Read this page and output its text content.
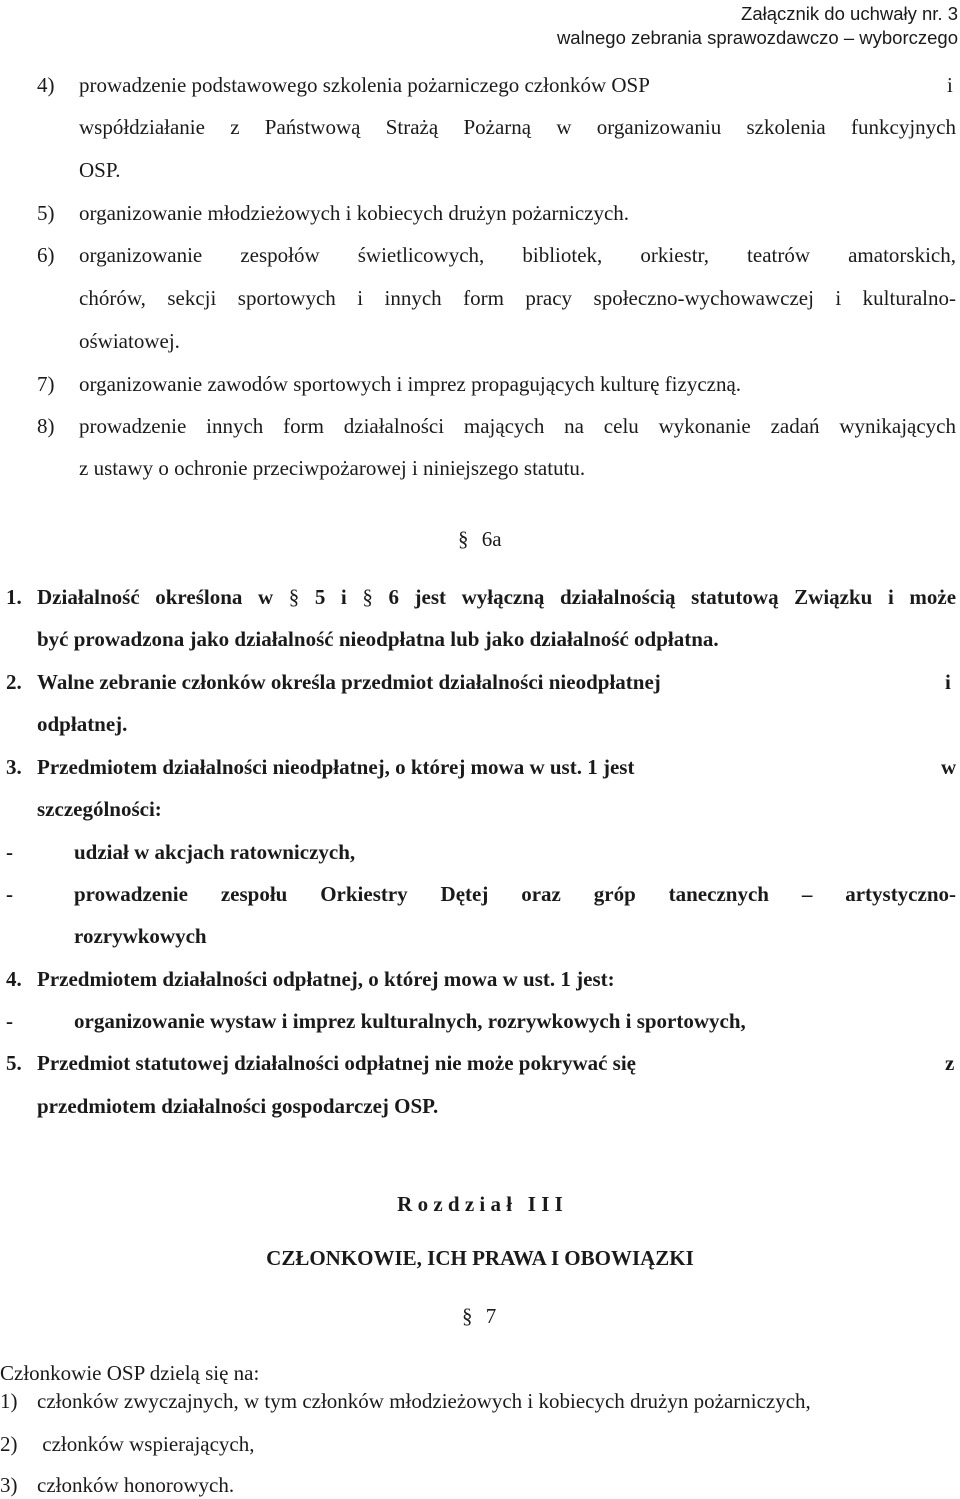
Załącznik do uchwały nr. 3
walnego zebrania sprawozdawczo – wyborczego
4) prowadzenie podstawowego szkolenia pożarniczego członków OSP	i
współdziałanie z Państwową Strażą Pożarną w organizowaniu szkolenia funkcyjnych
OSP.
5) organizowanie młodzieżowych i kobiecych drużyn pożarniczych.
6) organizowanie zespołów świetlicowych, bibliotek, orkiestr, teatrów amatorskich,
chórów, sekcji sportowych i innych form pracy społeczno-wychowawczej i kulturalno-
oświatowej.
7) organizowanie zawodów sportowych i imprez propagujących kulturę fizyczną.
8) prowadzenie innych form działalności mających na celu wykonanie zadań wynikających
z ustawy o ochronie przeciwpożarowej i niniejszego statutu.
§ 6a
1. Działalność określona w § 5 i § 6 jest wyłączną działalnością statutową Związku i może
być prowadzona jako działalność nieodpłatna lub jako działalność odpłatna.
2. Walne zebranie członków określa przedmiot działalności nieodpłatnej	i
odpłatnej.
3. Przedmiotem działalności nieodpłatnej, o której mowa w ust. 1 jest	w
szczególności:
-	udział w akcjach ratowniczych,
-	prowadzenie zespołu Orkiestry Dętej oraz gróp tanecznych – artystyczno-
rozrywkowych
4. Przedmiotem działalności odpłatnej, o której mowa w ust. 1 jest:
-	organizowanie wystaw i imprez kulturalnych, rozrywkowych i sportowych,
5. Przedmiot statutowej działalności odpłatnej nie może pokrywać się	z
przedmiotem działalności gospodarczej OSP.
R o z d z i a ł   I I I
CZŁONKOWIE, ICH PRAWA I OBOWIĄZKI
§ 7
Członkowie OSP dzielą się na:
1) członków zwyczajnych, w tym członków młodzieżowych i kobiecych drużyn pożarniczych,
2) członków wspierających,
3) członków honorowych.
